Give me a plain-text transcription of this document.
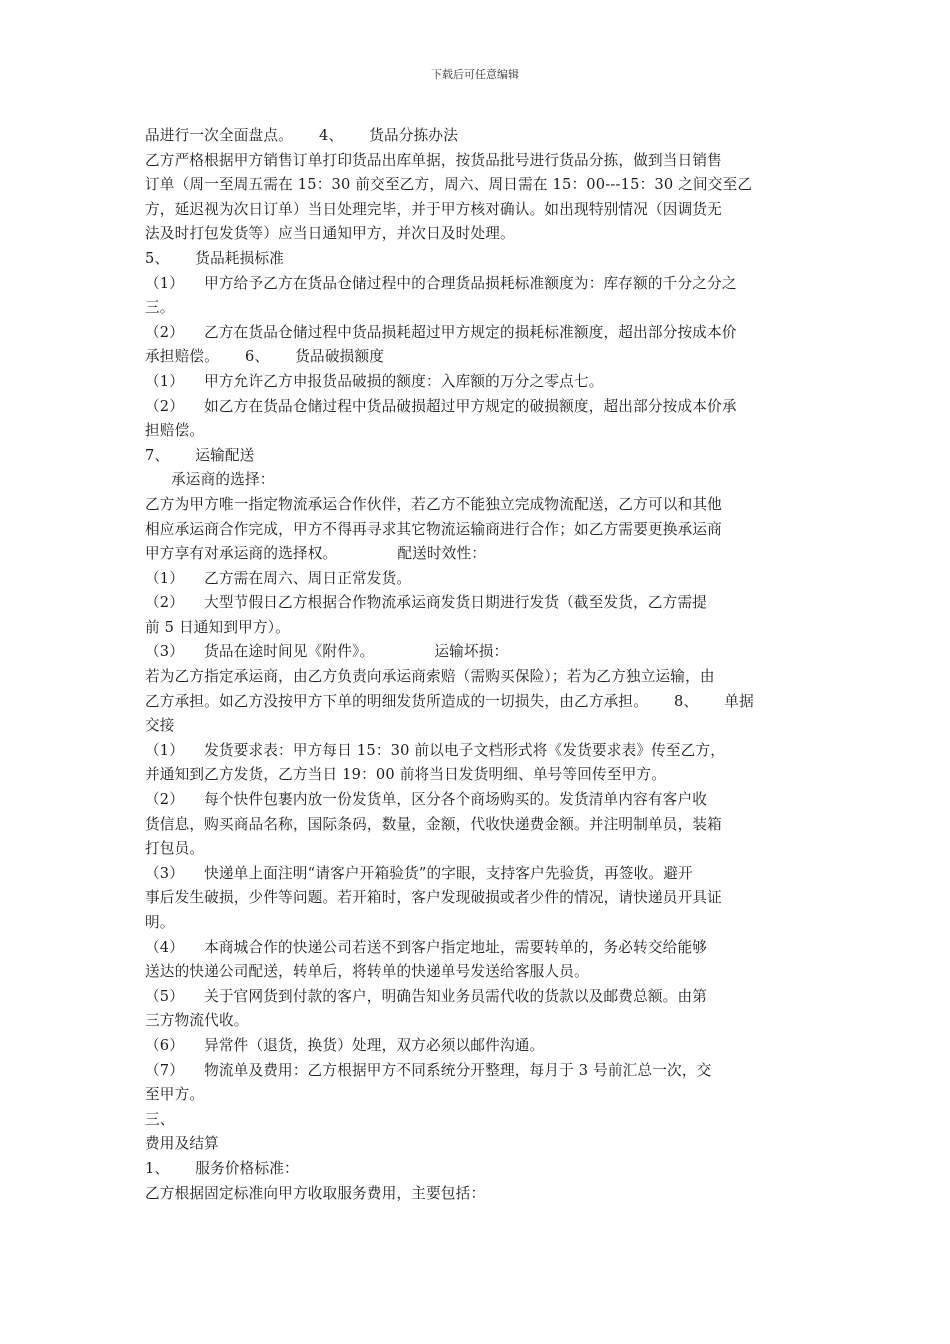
下载后可任意编辑
品进行一次全面盘点。 4、 货品分拣办法
乙方严格根据甲方销售订单打印货品出库单据，按货品批号进行货品分拣，做到当日销售
订单（周一至周五需在 15：30 前交至乙方，周六、周日需在 15：00---15：30 之间交至乙
方，延迟视为次日订单）当日处理完毕，并于甲方核对确认。如出现特别情况（因调货无
法及时打包发货等）应当日通知甲方，并次日及时处理。
5、 货品耗损标准
（1） 甲方给予乙方在货品仓储过程中的合理货品损耗标准额度为：库存额的千分之分之
三。
（2） 乙方在货品仓储过程中货品损耗超过甲方规定的损耗标准额度，超出部分按成本价
承担赔偿。 6、 货品破损额度
（1） 甲方允许乙方申报货品破损的额度：入库额的万分之零点七。
（2） 如乙方在货品仓储过程中货品破损超过甲方规定的破损额度，超出部分按成本价承
担赔偿。
7、 运输配送
承运商的选择：
乙方为甲方唯一指定物流承运合作伙伴，若乙方不能独立完成物流配送，乙方可以和其他
相应承运商合作完成，甲方不得再寻求其它物流运输商进行合作；如乙方需要更换承运商
甲方享有对承运商的选择权。	配送时效性：
（1） 乙方需在周六、周日正常发货。
（2） 大型节假日乙方根据合作物流承运商发货日期进行发货（截至发货，乙方需提
前 5 日通知到甲方）。
（3） 货品在途时间见《附件》。	运输坏损：
若为乙方指定承运商，由乙方负责向承运商索赔（需购买保险）；若为乙方独立运输，由
乙方承担。如乙方没按甲方下单的明细发货所造成的一切损失，由乙方承担。 8、 单据
交接
（1） 发货要求表：甲方每日 15：30 前以电子文档形式将《发货要求表》传至乙方，
并通知到乙方发货，乙方当日 19：00 前将当日发货明细、单号等回传至甲方。
（2） 每个快件包裹内放一份发货单，区分各个商场购买的。发货清单内容有客户收
货信息，购买商品名称，国际条码，数量，金额，代收快递费金额。并注明制单员，装箱
打包员。
（3） 快递单上面注明“请客户开箱验货”的字眼，支持客户先验货，再签收。避开
事后发生破损，少件等问题。若开箱时，客户发现破损或者少件的情况，请快递员开具证
明。
（4） 本商城合作的快递公司若送不到客户指定地址，需要转单的，务必转交给能够
送达的快递公司配送，转单后，将转单的快递单号发送给客服人员。
（5） 关于官网货到付款的客户，明确告知业务员需代收的货款以及邮费总额。由第
三方物流代收。
（6） 异常件（退货，换货）处理，双方必须以邮件沟通。
（7） 物流单及费用：乙方根据甲方不同系统分开整理，每月于 3 号前汇总一次，交
至甲方。
三、
费用及结算
1、 服务价格标准：
乙方根据固定标准向甲方收取服务费用，主要包括：
